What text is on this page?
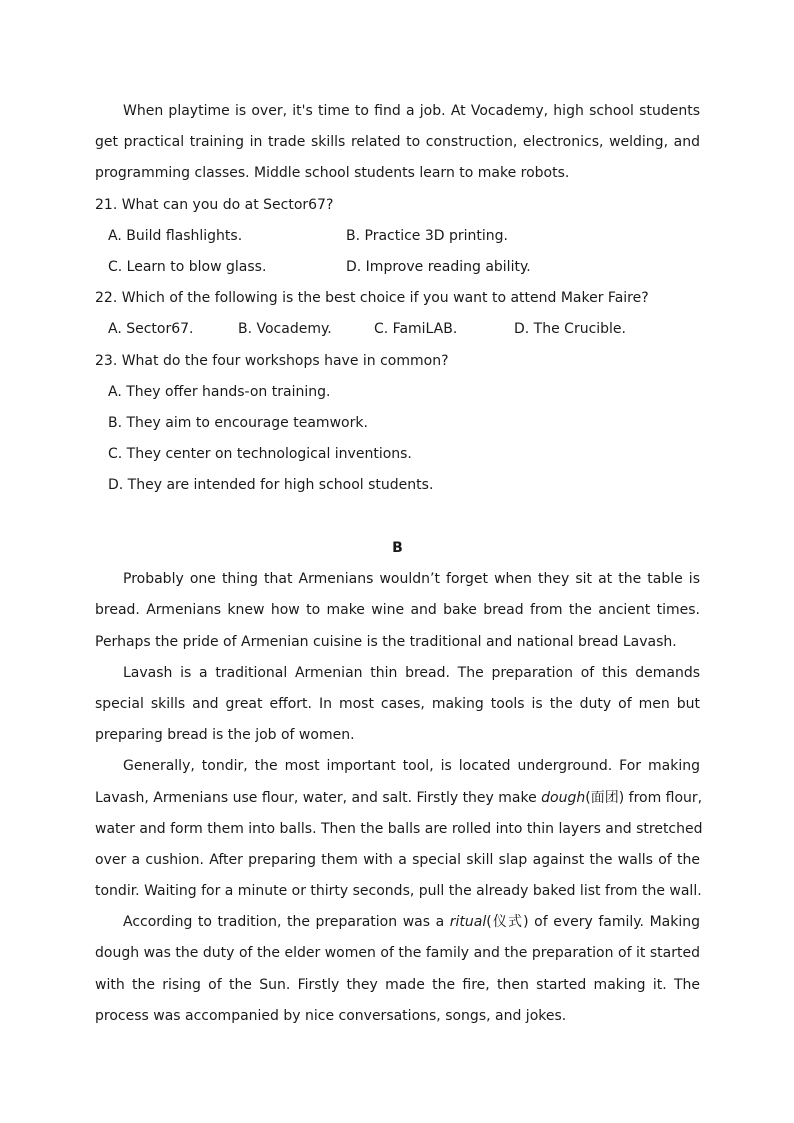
When playtime is over, it's time to find a job. At Vocademy, high school students
get practical training in trade skills related to construction, electronics, welding, and
programming classes. Middle school students learn to make robots.
21. What can you do at Sector67?
A. Build flashlights.	B. Practice 3D printing.
C. Learn to blow glass.	D. Improve reading ability.
22. Which of the following is the best choice if you want to attend Maker Faire?
A. Sector67.	B. Vocademy.	C. FamiLAB.	D. The Crucible.
23. What do the four workshops have in common?
A. They offer hands-on training.
B. They aim to encourage teamwork.
C. They center on technological inventions.
D. They are intended for high school students.
B
Probably one thing that Armenians wouldn’t forget when they sit at the table is
bread. Armenians knew how to make wine and bake bread from the ancient times.
Perhaps the pride of Armenian cuisine is the traditional and national bread Lavash.
Lavash is a traditional Armenian thin bread. The preparation of this demands
special skills and great effort. In most cases, making tools is the duty of men but
preparing bread is the job of women.
Generally, tondir, the most important tool, is located underground. For making
Lavash, Armenians use flour, water, and salt. Firstly they make dough(面团) from flour,
water and form them into balls. Then the balls are rolled into thin layers and stretched
over a cushion. After preparing them with a special skill slap against the walls of the
tondir. Waiting for a minute or thirty seconds, pull the already baked list from the wall.
According to tradition, the preparation was a ritual(仪式) of every family. Making
dough was the duty of the elder women of the family and the preparation of it started
with the rising of the Sun. Firstly they made the fire, then started making it. The
process was accompanied by nice conversations, songs, and jokes.
